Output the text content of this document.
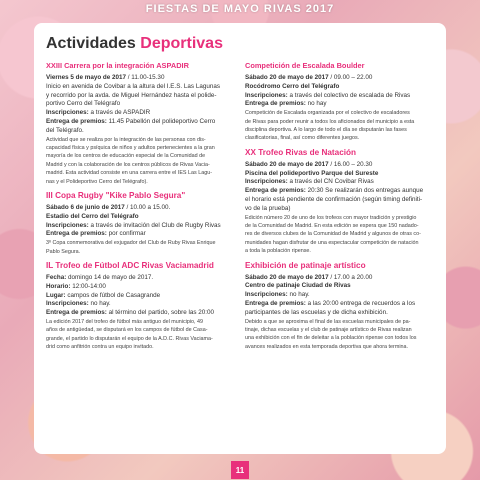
FIESTAS DE MAYO RIVAS 2017
Actividades Deportivas
XXIII Carrera por la integración ASPADIR
Viernes 5 de mayo de 2017 / 11.00-15.30
Inicio en avenida de Covibar a la altura del I.E.S. Las Lagunas
y recorrido por la avda. de Miguel Hernández hasta el polide-
portivo Cerro del Telégrafo
Inscripciones: a través de ASPADIR
Entrega de premios: 11.45 Pabellón del polideportivo Cerro
del Telégrafo.
Actividad que se realiza por la integración de las personas con dis-
capacidad física y psíquica de niños y adultos pertenecientes a la gran
mayoría de los centros de educación especial de la Comunidad de
Madrid y con la colaboración de los centros públicos de Rivas Vacia-
madrid. Esta actividad consiste en una carrera entre el IES Las Lagu-
nas y el Polideportivo Cerro del Telégrafo).
III Copa Rugby "Kike Pablo Segura"
Sábado 6 de junio de 2017 / 10.00 a 15.00.
Estadio del Cerro del Telégrafo
Inscripciones: a través de invitación del Club de Rugby Rivas
Entrega de premios: por confirmar
3º Copa conmemorativa del exjugador del Club de Ruby Rivas Enrique
Pablo Segura.
IL Trofeo de Fútbol ADC Rivas Vaciamadrid
Fecha: domingo 14 de mayo de 2017.
Horario: 12:00-14:00
Lugar: campos de fútbol de Casagrande
Inscripciones: no hay.
Entrega de premios: al término del partido, sobre las 20:00
La edición 2017 del trofeo de fútbol más antiguo del municipio, 49
años de antigüedad, se disputará en los campos de fútbol de Casa-
grande, el partido lo disputarán el equipo de la A.D.C. Rivas Vaciama-
drid como anfitrión contra un equipo invitado.
Competición de Escalada Boulder
Sábado 20 de mayo de 2017 / 09.00 – 22.00
Rocódromo Cerro del Telégrafo
Inscripciones: a través del colectivo de escalada de Rivas
Entrega de premios: no hay
Competición de Escalada organizada por el colectivo de escaladores
de Rivas para poder reunir a todos los aficionados del municipio a esta
disciplina deportiva. A lo largo de todo el día se disputarán las fases
clasificatorias, final, así como diferentes juegos.
XX Trofeo Rivas de Natación
Sábado 20 de mayo de 2017 / 16.00 – 20.30
Piscina del polideportivo Parque del Sureste
Inscripciones: a través del CN Covibar Rivas
Entrega de premios: 20:30 Se realizarán dos entregas aunque
el horario está pendiente de confirmación (según timing definiti-
vo de la prueba)
Edición número 20 de uno de los trofeos con mayor tradición y prestigio
de la Comunidad de Madrid. En esta edición se espera que 150 nadado-
res de diversos clubes de la Comunidad de Madrid y algunos de otras co-
munidades hagan disfrutar de una espectacular competición de natación
a toda la población ripense.
Exhibición de patinaje artístico
Sábado 20 de mayo de 2017 / 17.00 a 20.00
Centro de patinaje Ciudad de Rivas
Inscripciones: no hay.
Entrega de premios: a las 20:00 entrega de recuerdos a los
participantes de las escuelas y de dicha exhibición.
Debido a que se aproxima el final de las escuelas municipales de pa-
tinaje, dichas escuelas y el club de patinaje artístico de Rivas realizan
una exhibición con el fin de deleitar a la población ripense con todos los
avances realizados en esta temporada deportiva que ahora termina.
11
